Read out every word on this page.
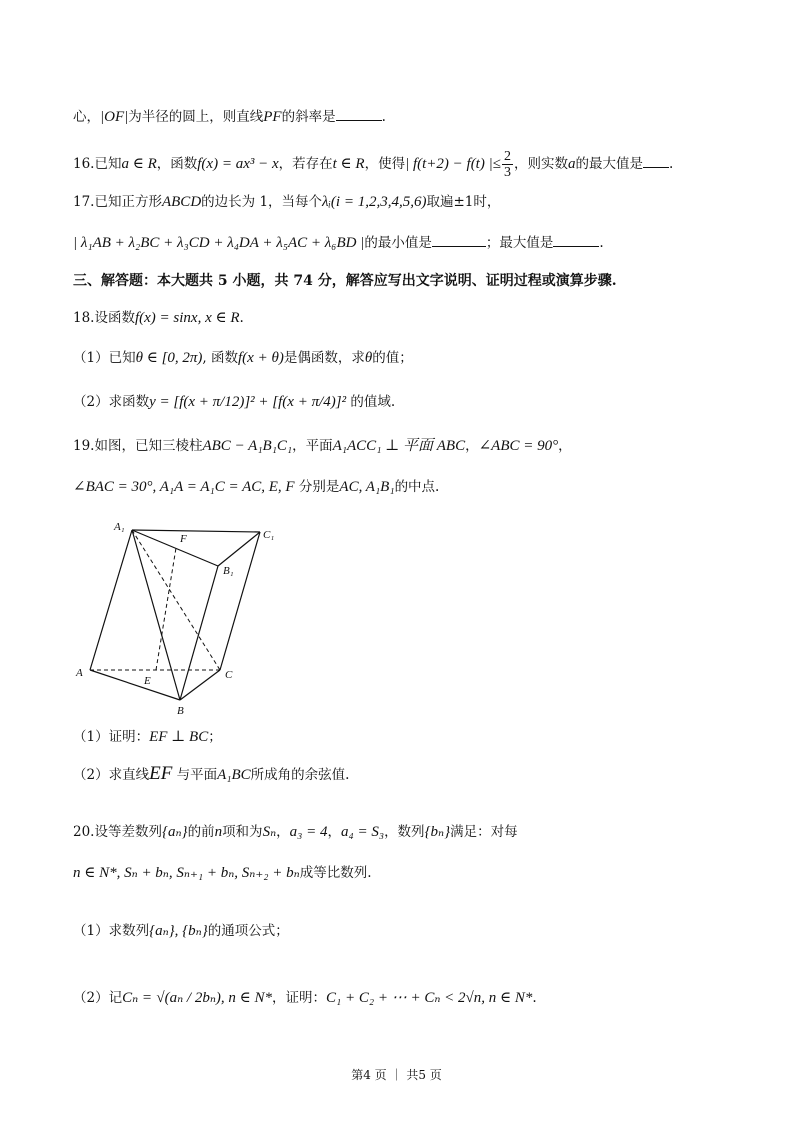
心，|OF|为半径的圆上，则直线PF的斜率是	.
16.已知a ∈ R，函数f(x) = ax³ − x，若存在t ∈ R，使得| f(t+2) − f(t) |≤ $\frac{2}{3}$ ，则实数a的最大值是 .
17.已知正方形ABCD的边长为 1，当每个λᵢ(i = 1,2,3,4,5,6)取遍±1时，
| λ₁AB + λ₂BC + λ₃CD + λ₄DA + λ₅AC + λ₆BD |的最小值是	；最大值是	.
三、解答题：本大题共 5 小题，共 74 分，解答应写出文字说明、证明过程或演算步骤.
18.设函数f(x) = sinx, x ∈ R.
（1）已知θ ∈ [0, 2π), 函数f(x + θ)是偶函数，求θ的值；
（2）求函数y = [f(x + π/12)]² + [f(x + π/4)]² 的值域.
19.如图，已知三棱柱ABC − A₁B₁C₁，平面A₁ACC₁ ⊥ 平面 ABC，∠ABC = 90°，
∠BAC = 30°, A₁A = A₁C = AC, E, F 分别是AC, A₁B₁的中点.
A₁
F	C₁
B₁
A
E	C
B
（1）证明：EF ⊥ BC；
（2）求直线EF 与平面A₁BC所成角的余弦值.
20.设等差数列{aₙ}的前n项和为Sₙ，a₃ = 4，a₄ = S₃，数列{bₙ}满足：对每
n ∈ N*, Sₙ + bₙ, Sₙ₊₁ + bₙ, Sₙ₊₂ + bₙ成等比数列.
（1）求数列{aₙ}, {bₙ}的通项公式；
（2）记Cₙ = √(aₙ / 2bₙ), n ∈ N*，证明：C₁ + C₂ + ⋯ + Cₙ < 2√n, n ∈ N*.
第4 页 ｜ 共5 页
